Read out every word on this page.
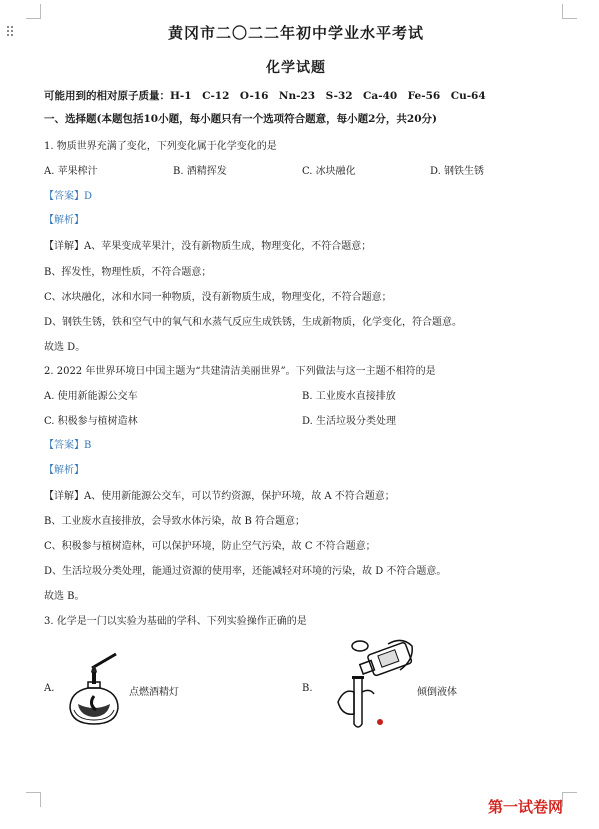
黄冈市二〇二二年初中学业水平考试
化学试题
可能用到的相对原子质量：H-1　C-12　O-16　Nn-23　S-32　Ca-40　Fe-56　Cu-64
一、选择题(本题包括10小题，每小题只有一个选项符合题意，每小题2分，共20分)
1. 物质世界充满了变化，下列变化属于化学变化的是
A. 苹果榨汁	B. 酒精挥发	C. 冰块融化	D. 钢铁生锈
【答案】D
【解析】
【详解】A、苹果变成苹果汁，没有新物质生成，物理变化，不符合题意；
B、挥发性，物理性质，不符合题意；
C、冰块融化，冰和水同一种物质，没有新物质生成，物理变化，不符合题意；
D、钢铁生锈，铁和空气中的氧气和水蒸气反应生成铁锈，生成新物质，化学变化，符合题意。
故选 D。
2. 2022 年世界环境日中国主题为“共建清洁美丽世界”。下列做法与这一主题不相符的是
A. 使用新能源公交车	B. 工业废水直接排放
C. 积极参与植树造林	D. 生活垃圾分类处理
【答案】B
【解析】
【详解】A、使用新能源公交车，可以节约资源，保护环境，故 A 不符合题意；
B、工业废水直接排放，会导致水体污染，故 B 符合题意；
C、积极参与植树造林，可以保护环境，防止空气污染，故 C 不符合题意；
D、生活垃圾分类处理，能通过资源的使用率，还能减轻对环境的污染，故 D 不符合题意。
故选 B。
3. 化学是一门以实验为基础的学科、下列实验操作正确的是
A.	点燃酒精灯	B.	倾倒液体
第一试卷网
